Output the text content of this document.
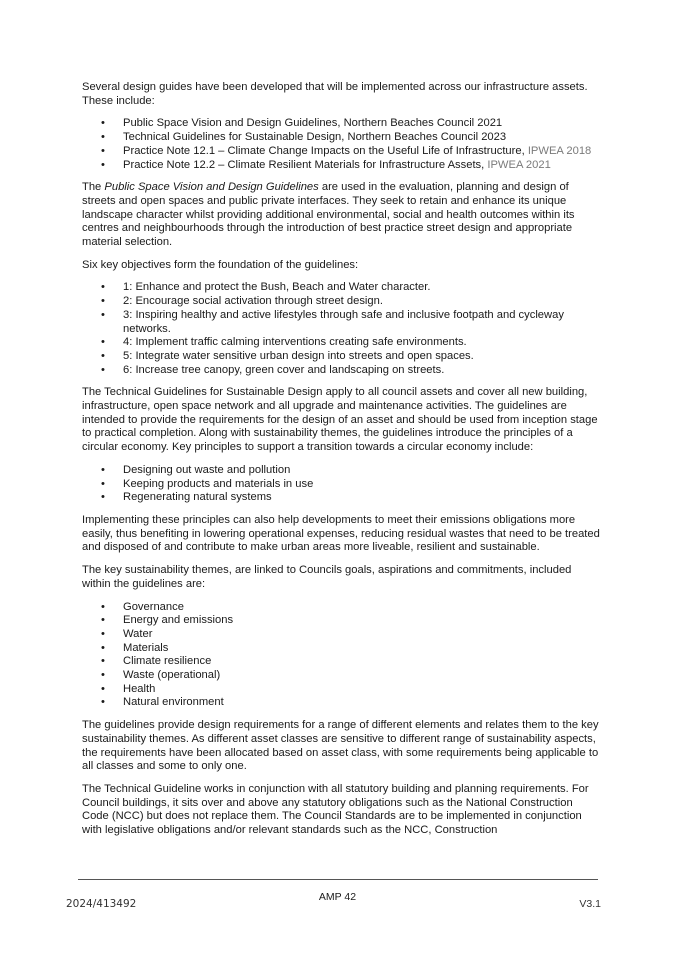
Several design guides have been developed that will be implemented across our infrastructure assets. These include:

• Public Space Vision and Design Guidelines, Northern Beaches Council 2021
• Technical Guidelines for Sustainable Design, Northern Beaches Council 2023
• Practice Note 12.1 – Climate Change Impacts on the Useful Life of Infrastructure, IPWEA 2018
• Practice Note 12.2 – Climate Resilient Materials for Infrastructure Assets, IPWEA 2021

The Public Space Vision and Design Guidelines are used in the evaluation, planning and design of streets and open spaces and public private interfaces. They seek to retain and enhance its unique landscape character whilst providing additional environmental, social and health outcomes within its centres and neighbourhoods through the introduction of best practice street design and appropriate material selection.

Six key objectives form the foundation of the guidelines:

• 1: Enhance and protect the Bush, Beach and Water character.
• 2: Encourage social activation through street design.
• 3: Inspiring healthy and active lifestyles through safe and inclusive footpath and cycleway networks.
• 4: Implement traffic calming interventions creating safe environments.
• 5: Integrate water sensitive urban design into streets and open spaces.
• 6: Increase tree canopy, green cover and landscaping on streets.

The Technical Guidelines for Sustainable Design apply to all council assets and cover all new building, infrastructure, open space network and all upgrade and maintenance activities. The guidelines are intended to provide the requirements for the design of an asset and should be used from inception stage to practical completion. Along with sustainability themes, the guidelines introduce the principles of a circular economy. Key principles to support a transition towards a circular economy include:

• Designing out waste and pollution
• Keeping products and materials in use
• Regenerating natural systems

Implementing these principles can also help developments to meet their emissions obligations more easily, thus benefiting in lowering operational expenses, reducing residual wastes that need to be treated and disposed of and contribute to make urban areas more liveable, resilient and sustainable.

The key sustainability themes, are linked to Councils goals, aspirations and commitments, included within the guidelines are:

• Governance
• Energy and emissions
• Water
• Materials
• Climate resilience
• Waste (operational)
• Health
• Natural environment

The guidelines provide design requirements for a range of different elements and relates them to the key sustainability themes. As different asset classes are sensitive to different range of sustainability aspects, the requirements have been allocated based on asset class, with some requirements being applicable to all classes and some to only one.

The Technical Guideline works in conjunction with all statutory building and planning requirements. For Council buildings, it sits over and above any statutory obligations such as the National Construction Code (NCC) but does not replace them. The Council Standards are to be implemented in conjunction with legislative obligations and/or relevant standards such as the NCC, Construction

AMP 42
2024/413492	V3.1
